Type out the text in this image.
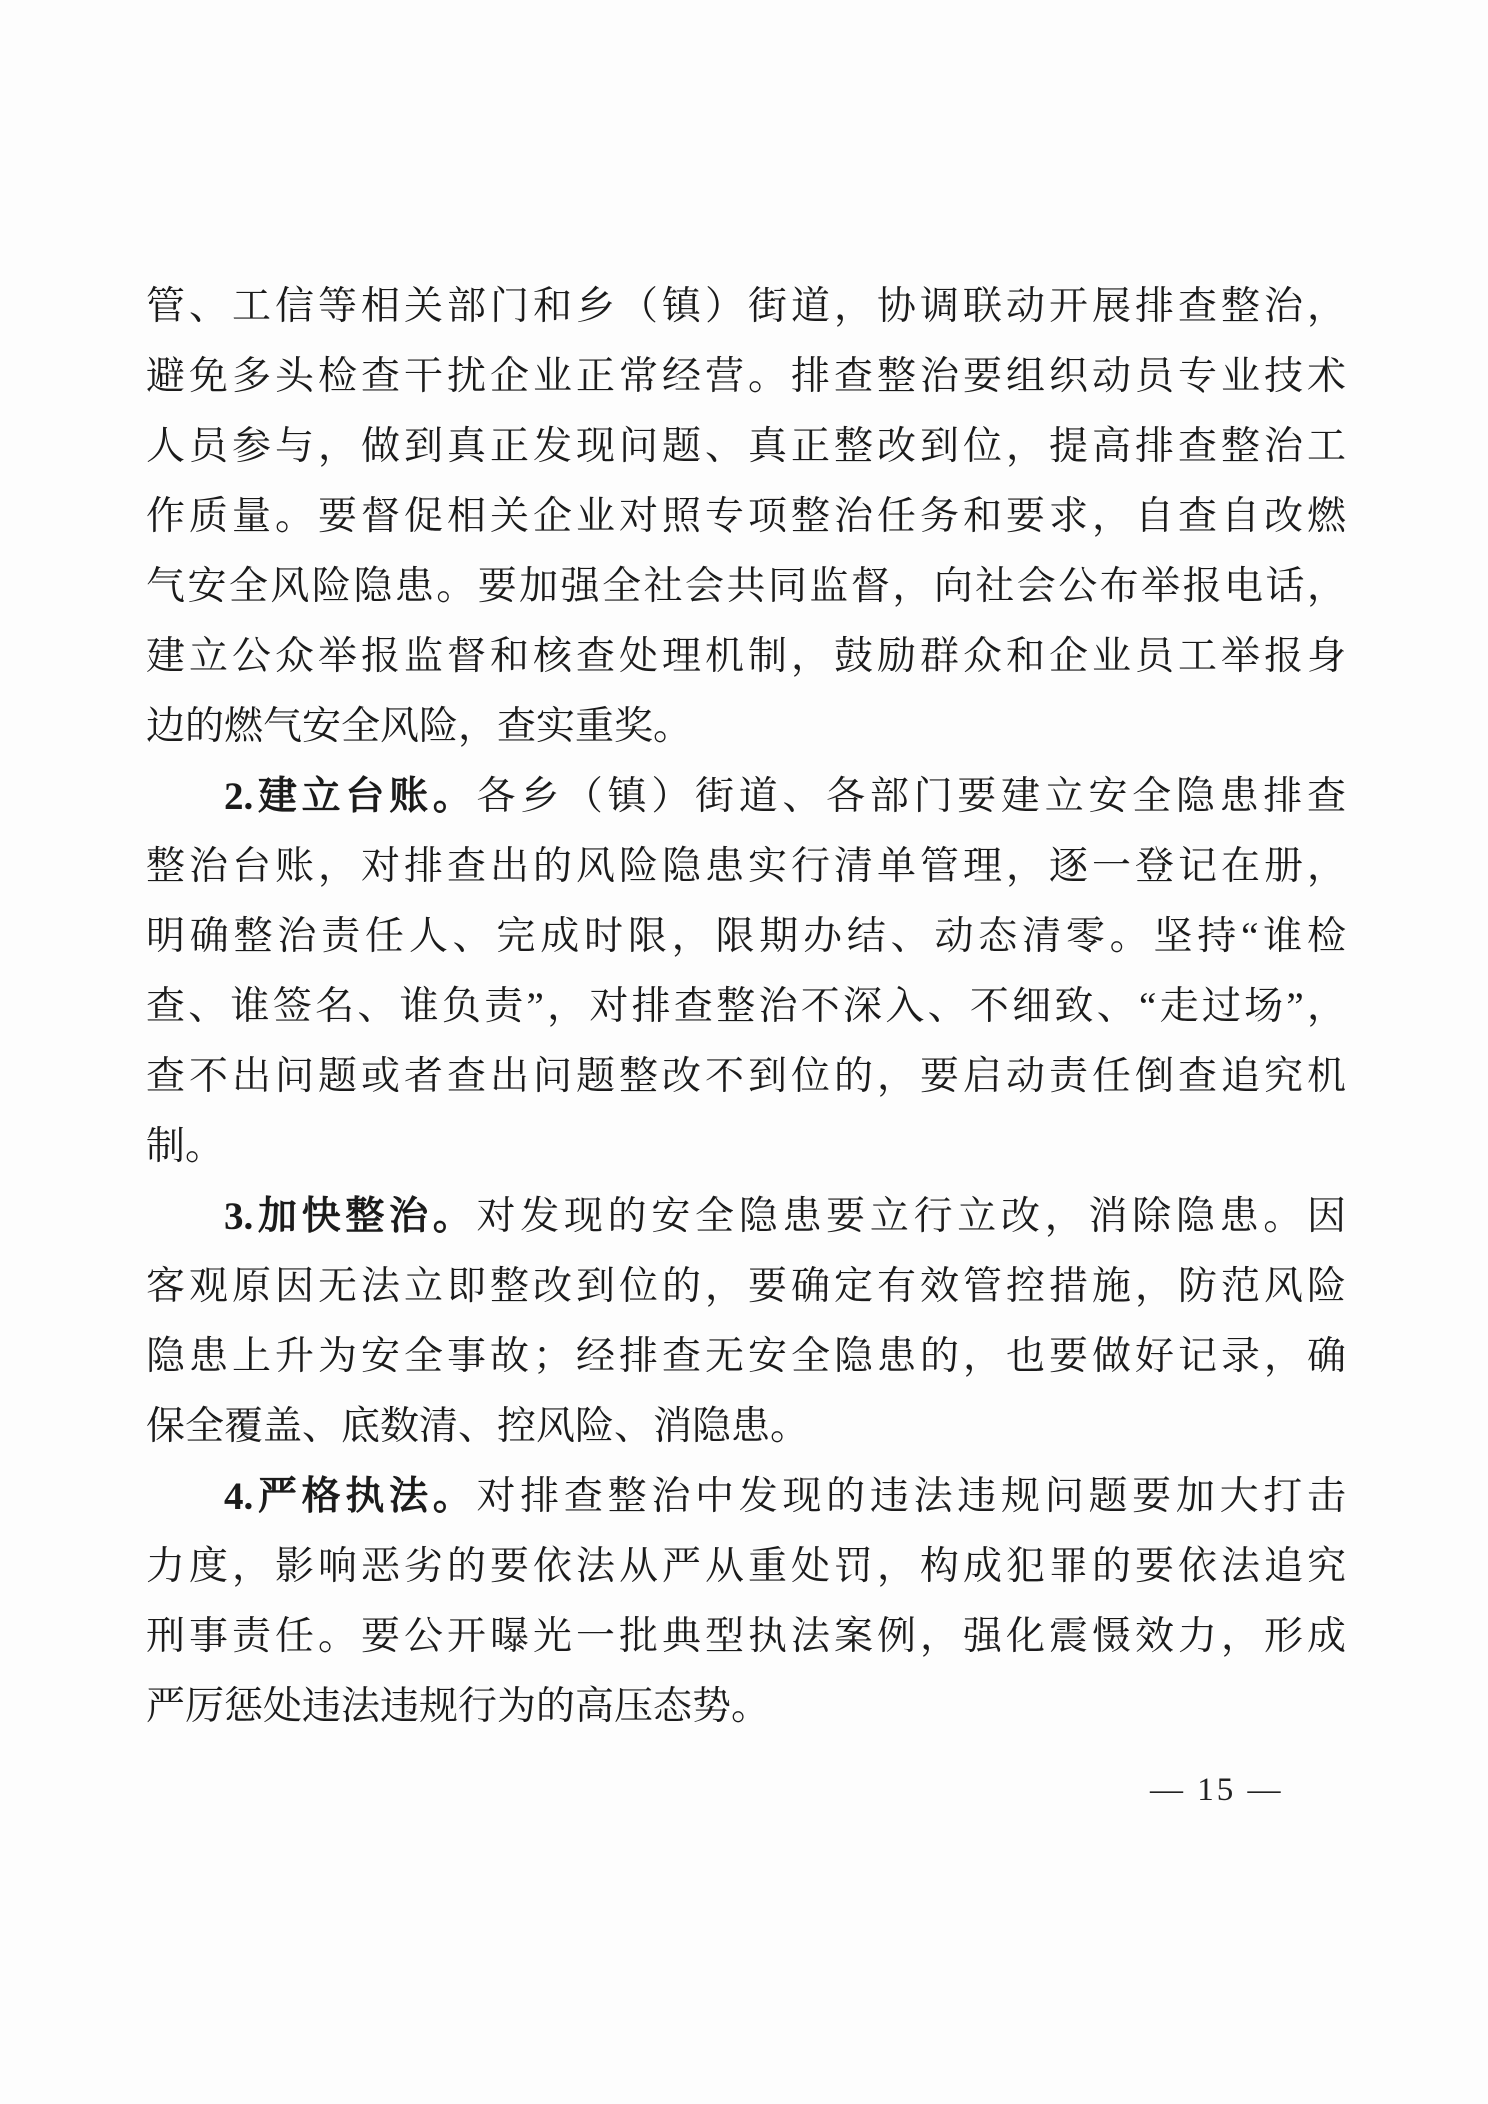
管、工信等相关部门和乡（镇）街道，协调联动开展排查整治，
避免多头检查干扰企业正常经营。排查整治要组织动员专业技术
人员参与，做到真正发现问题、真正整改到位，提高排查整治工
作质量。要督促相关企业对照专项整治任务和要求，自查自改燃
气安全风险隐患。要加强全社会共同监督，向社会公布举报电话，
建立公众举报监督和核查处理机制，鼓励群众和企业员工举报身
边的燃气安全风险，查实重奖。
2.建立台账。各乡（镇）街道、各部门要建立安全隐患排查
整治台账，对排查出的风险隐患实行清单管理，逐一登记在册，
明确整治责任人、完成时限，限期办结、动态清零。坚持“谁检
查、谁签名、谁负责”，对排查整治不深入、不细致、“走过场”，
查不出问题或者查出问题整改不到位的，要启动责任倒查追究机
制。
3.加快整治。对发现的安全隐患要立行立改，消除隐患。因
客观原因无法立即整改到位的，要确定有效管控措施，防范风险
隐患上升为安全事故；经排查无安全隐患的，也要做好记录，确
保全覆盖、底数清、控风险、消隐患。
4.严格执法。对排查整治中发现的违法违规问题要加大打击
力度，影响恶劣的要依法从严从重处罚，构成犯罪的要依法追究
刑事责任。要公开曝光一批典型执法案例，强化震慑效力，形成
严厉惩处违法违规行为的高压态势。
— 15 —
